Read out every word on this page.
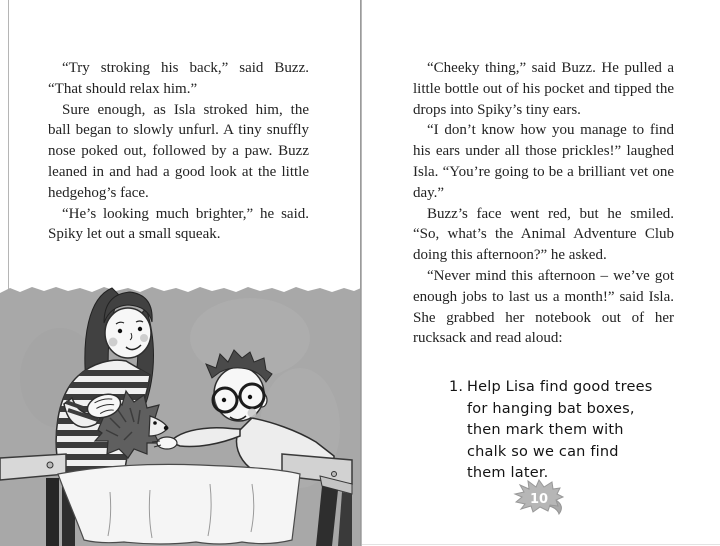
“Try stroking his back,” said Buzz. “That should relax him.”

Sure enough, as Isla stroked him, the ball began to slowly unfurl. A tiny snuffly nose poked out, followed by a paw. Buzz leaned in and had a good look at the little hedgehog’s face.

“He’s looking much brighter,” he said. Spiky let out a small squeak.

“Cheeky thing,” said Buzz. He pulled a little bottle out of his pocket and tipped the drops into Spiky’s tiny ears.

“I don’t know how you manage to find his ears under all those prickles!” laughed Isla. “You’re going to be a brilliant vet one day.”

Buzz’s face went red, but he smiled. “So, what’s the Animal Adventure Club doing this afternoon?” he asked.

“Never mind this afternoon – we’ve got enough jobs to last us a month!” said Isla. She grabbed her notebook out of her rucksack and read aloud:

1. Help Lisa find good trees for hanging bat boxes, then mark them with chalk so we can find them later.
10
